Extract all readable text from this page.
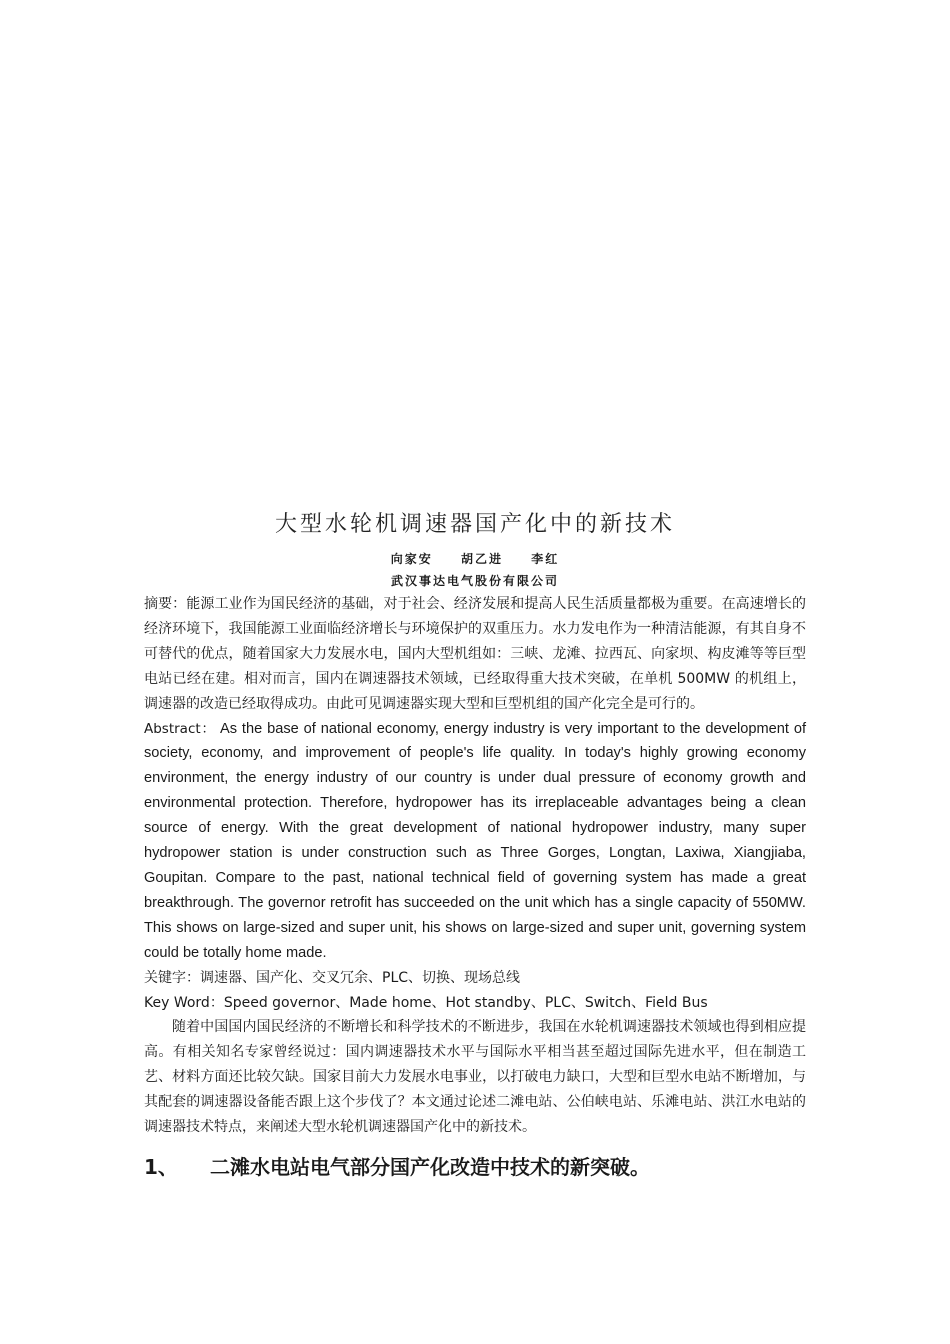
大型水轮机调速器国产化中的新技术
向家安 胡乙进 李红
武汉事达电气股份有限公司

摘要：能源工业作为国民经济的基础，对于社会、经济发展和提高人民生活质量都极为重要。在高速增长的经济环境下，我国能源工业面临经济增长与环境保护的双重压力。水力发电作为一种清洁能源，有其自身不可替代的优点，随着国家大力发展水电，国内大型机组如：三峡、龙滩、拉西瓦、向家坝、构皮滩等等巨型电站已经在建。相对而言，国内在调速器技术领域，已经取得重大技术突破，在单机 500MW 的机组上，调速器的改造已经取得成功。由此可见调速器实现大型和巨型机组的国产化完全是可行的。

Abstract： As the base of national economy, energy industry is very important to the development of society, economy, and improvement of people's life quality. In today's highly growing economy environment, the energy industry of our country is under dual pressure of economy growth and environmental protection. Therefore, hydropower has its irreplaceable advantages being a clean source of energy. With the great development of national hydropower industry, many super hydropower station is under construction such as Three Gorges, Longtan, Laxiwa, Xiangjiaba, Goupitan. Compare to the past, national technical field of governing system has made a great breakthrough. The governor retrofit has succeeded on the unit which has a single capacity of 550MW. This shows on large-sized and super unit, his shows on large-sized and super unit, governing system could be totally home made.

关键字：调速器、国产化、交叉冗余、PLC、切换、现场总线

Key Word：Speed governor、Made home、Hot standby、PLC、Switch、Field Bus

随着中国国内国民经济的不断增长和科学技术的不断进步，我国在水轮机调速器技术领域也得到相应提高。有相关知名专家曾经说过：国内调速器技术水平与国际水平相当甚至超过国际先进水平，但在制造工艺、材料方面还比较欠缺。国家目前大力发展水电事业，以打破电力缺口，大型和巨型水电站不断增加，与其配套的调速器设备能否跟上这个步伐了？本文通过论述二滩电站、公伯峡电站、乐滩电站、洪江水电站的调速器技术特点，来阐述大型水轮机调速器国产化中的新技术。

1、 二滩水电站电气部分国产化改造中技术的新突破。
